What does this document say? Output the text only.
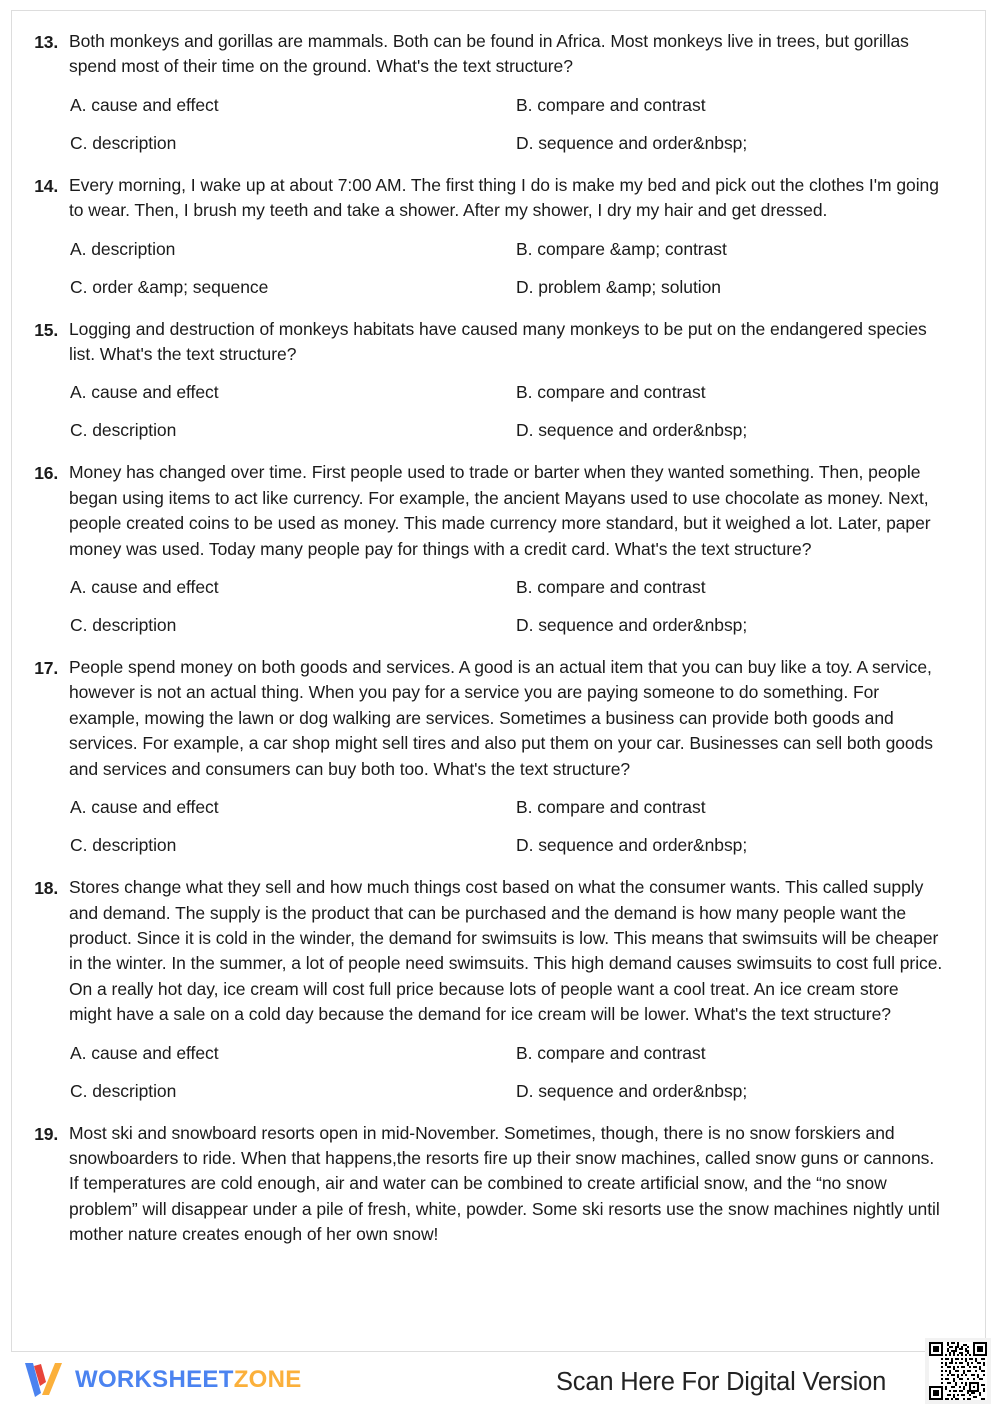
13. Both monkeys and gorillas are mammals. Both can be found in Africa. Most monkeys live in trees, but gorillas spend most of their time on the ground. What's the text structure?

A. cause and effect	B. compare and contrast
C. description	D. sequence and order&nbsp;
14. Every morning, I wake up at about 7:00 AM. The first thing I do is make my bed and pick out the clothes I'm going to wear. Then, I brush my teeth and take a shower. After my shower, I dry my hair and get dressed.

A. description	B. compare &amp; contrast
C. order &amp; sequence	D. problem &amp; solution
15. Logging and destruction of monkeys habitats have caused many monkeys to be put on the endangered species list. What's the text structure?

A. cause and effect	B. compare and contrast
C. description	D. sequence and order&nbsp;
16. Money has changed over time. First people used to trade or barter when they wanted something. Then, people began using items to act like currency. For example, the ancient Mayans used to use chocolate as money. Next, people created coins to be used as money. This made currency more standard, but it weighed a lot. Later, paper money was used. Today many people pay for things with a credit card. What's the text structure?

A. cause and effect	B. compare and contrast
C. description	D. sequence and order&nbsp;
17. People spend money on both goods and services. A good is an actual item that you can buy like a toy. A service, however is not an actual thing. When you pay for a service you are paying someone to do something. For example, mowing the lawn or dog walking are services. Sometimes a business can provide both goods and services. For example, a car shop might sell tires and also put them on your car. Businesses can sell both goods and services and consumers can buy both too. What's the text structure?

A. cause and effect	B. compare and contrast
C. description	D. sequence and order&nbsp;
18. Stores change what they sell and how much things cost based on what the consumer wants. This called supply and demand. The supply is the product that can be purchased and the demand is how many people want the product. Since it is cold in the winder, the demand for swimsuits is low. This means that swimsuits will be cheaper in the winter. In the summer, a lot of people need swimsuits. This high demand causes swimsuits to cost full price. On a really hot day, ice cream will cost full price because lots of people want a cool treat. An ice cream store might have a sale on a cold day because the demand for ice cream will be lower. What's the text structure?

A. cause and effect	B. compare and contrast
C. description	D. sequence and order&nbsp;
19. Most ski and snowboard resorts open in mid-November. Sometimes, though, there is no snow forskiers and snowboarders to ride. When that happens,the resorts fire up their snow machines, called snow guns or cannons. If temperatures are cold enough, air and water can be combined to create artificial snow, and the “no snow problem” will disappear under a pile of fresh, white, powder. Some ski resorts use the snow machines nightly until mother nature creates enough of her own snow!

WORKSHEETZONE	Scan Here For Digital Version
